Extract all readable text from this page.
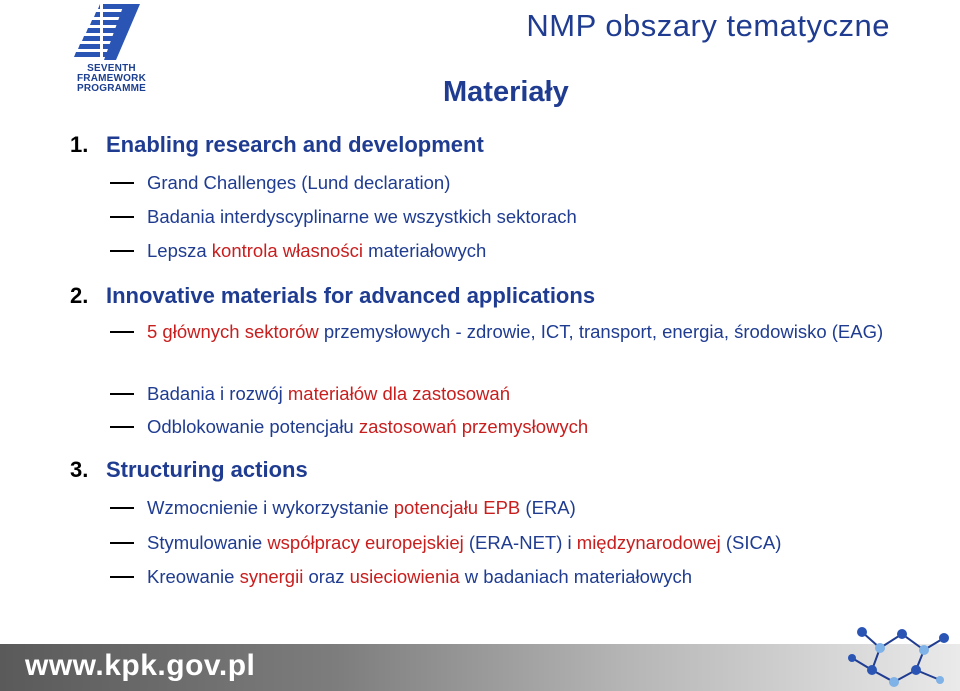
SEVENTH FRAMEWORK
PROGRAMME
NMP obszary tematyczne
Materiały
1. Enabling research and development
Grand Challenges (Lund declaration)
Badania interdyscyplinarne we wszystkich sektorach
Lepsza kontrola własności materiałowych
2. Innovative materials for advanced applications
5 głównych sektorów przemysłowych - zdrowie, ICT, transport, energia, środowisko (EAG)
Badania i rozwój materiałów dla zastosowań
Odblokowanie potencjału zastosowań przemysłowych
3. Structuring actions
Wzmocnienie i wykorzystanie potencjału EPB (ERA)
Stymulowanie współpracy europejskiej (ERA-NET) i międzynarodowej (SICA)
Kreowanie synergii oraz usieciowienia w badaniach materiałowych
www.kpk.gov.pl
